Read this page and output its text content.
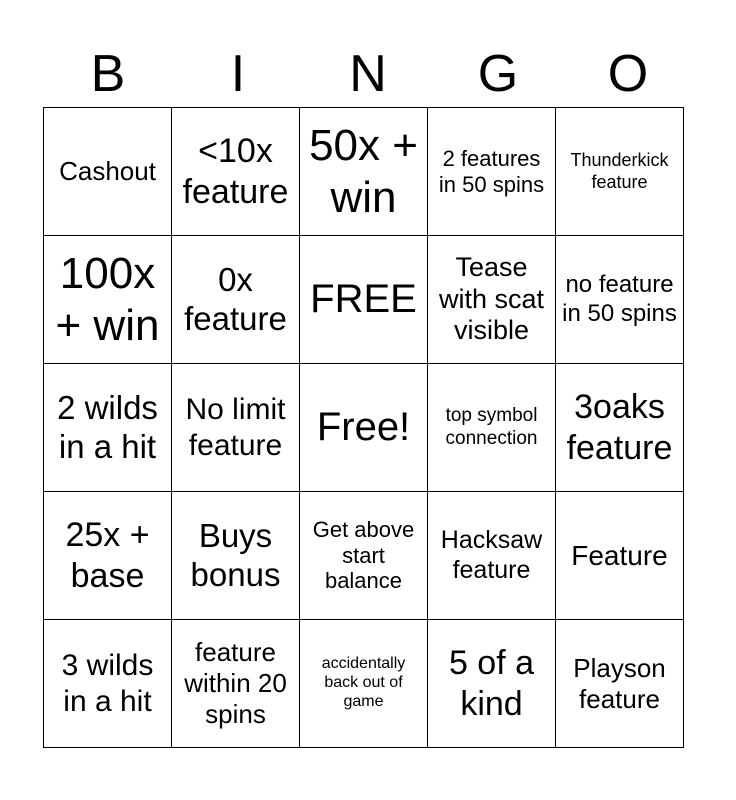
B	I	N	G	O
Cashout	<10x feature	50x + win	2 features in 50 spins	Thunderkick feature
100x + win	0x feature	FREE	Tease with scat visible	no feature in 50 spins
2 wilds in a hit	No limit feature	Free!	top symbol connection	3oaks feature
25x + base	Buys bonus	Get above start balance	Hacksaw feature	Feature
3 wilds in a hit	feature within 20 spins	accidentally back out of game	5 of a kind	Playson feature
